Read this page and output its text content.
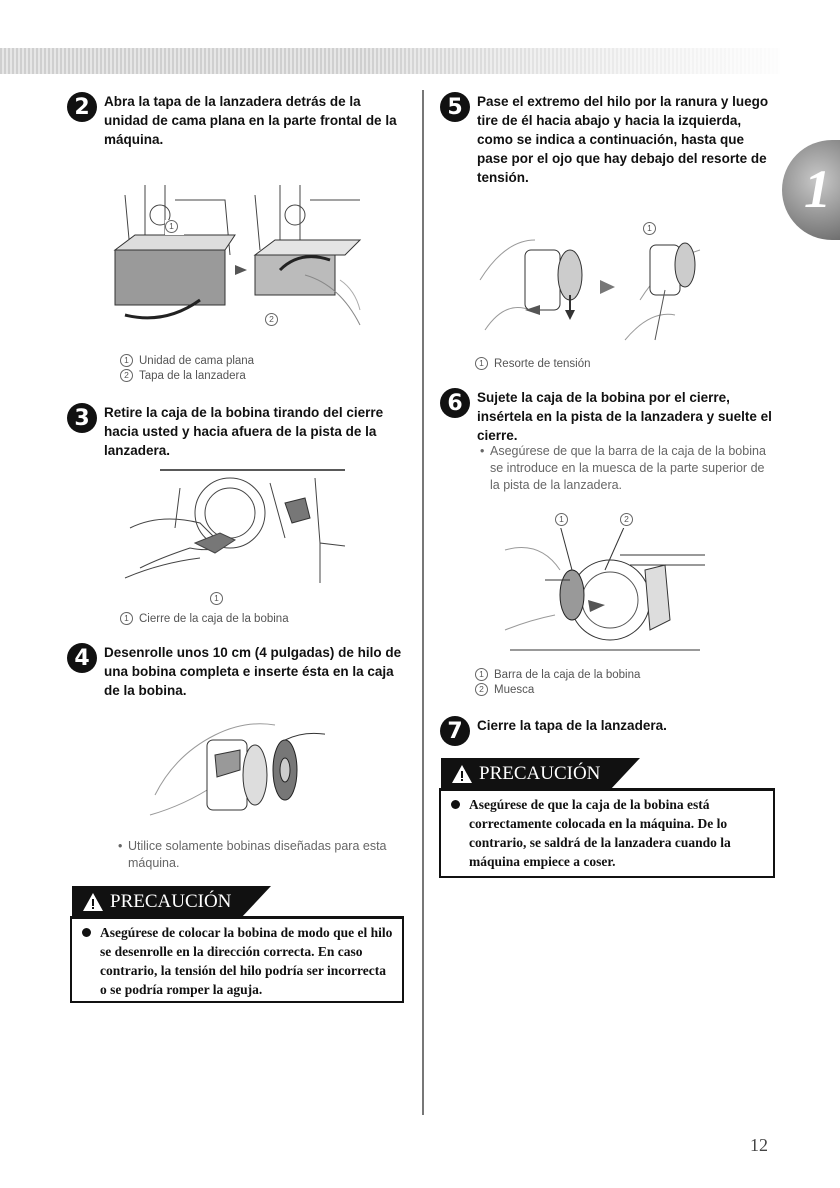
1
2	Abra la tapa de la lanzadera detrás de la unidad de cama plana en la parte frontal de la máquina.
1
2
1 Unidad de cama plana
2 Tapa de la lanzadera
3	Retire la caja de la bobina tirando del cierre hacia usted y hacia afuera de la pista de la lanzadera.
1
1 Cierre de la caja de la bobina
4	Desenrolle unos 10 cm (4 pulgadas) de hilo de una bobina completa e inserte ésta en la caja de la bobina.
• Utilice solamente bobinas diseñadas para esta máquina.
PRECAUCIÓN
Asegúrese de colocar la bobina de modo que el hilo se desenrolle en la dirección correcta. En caso contrario, la tensión del hilo podría ser incorrecta o se podría romper la aguja.
5	Pase el extremo del hilo por la ranura y luego tire de él hacia abajo y hacia la izquierda, como se indica a continuación, hasta que pase por el ojo que hay debajo del resorte de tensión.
1
1 Resorte de tensión
6	Sujete la caja de la bobina por el cierre, insértela en la pista de la lanzadera y suelte el cierre.
• Asegúrese de que la barra de la caja de la bobina se introduce en la muesca de la parte superior de la pista de la lanzadera.
1	2
1 Barra de la caja de la bobina
2 Muesca
7	Cierre la tapa de la lanzadera.
PRECAUCIÓN
Asegúrese de que la caja de la bobina está correctamente colocada en la máquina. De lo contrario, se saldrá de la lanzadera cuando la máquina empiece a coser.
12
